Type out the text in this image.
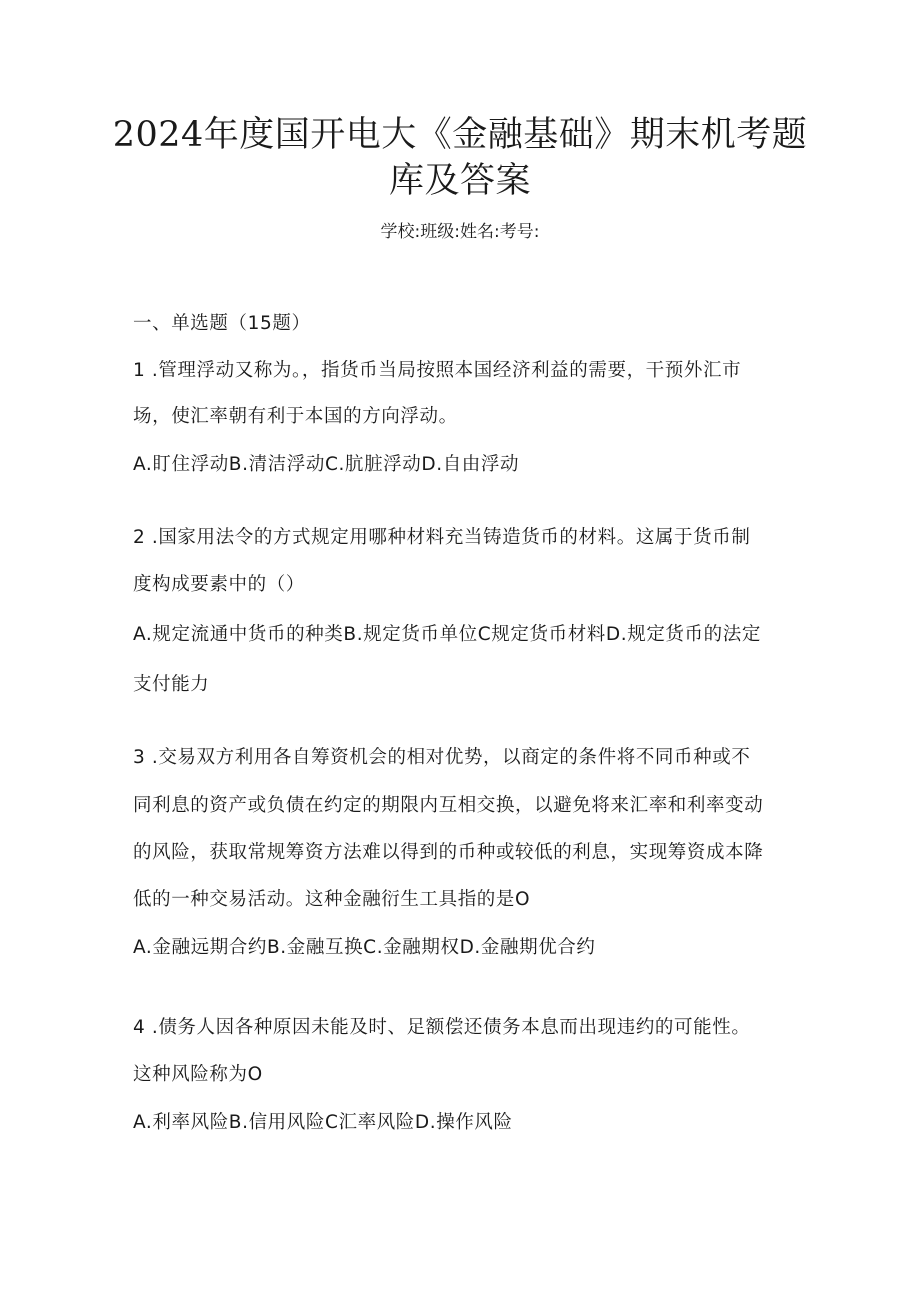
2024年度国开电大《金融基础》期末机考题
库及答案
学校:班级:姓名:考号:
一、单选题（15题）
1 .管理浮动又称为。，指货币当局按照本国经济利益的需要，干预外汇市
场，使汇率朝有利于本国的方向浮动。
A.盯住浮动B.清洁浮动C.肮脏浮动D.自由浮动
2 .国家用法令的方式规定用哪种材料充当铸造货币的材料。这属于货币制
度构成要素中的（）
A.规定流通中货币的种类B.规定货币单位C规定货币材料D.规定货币的法定
支付能力
3 .交易双方利用各自筹资机会的相对优势，以商定的条件将不同币种或不
同利息的资产或负债在约定的期限内互相交换，以避免将来汇率和利率变动
的风险，获取常规筹资方法难以得到的币种或较低的利息，实现筹资成本降
低的一种交易活动。这种金融衍生工具指的是O
A.金融远期合约B.金融互换C.金融期权D.金融期优合约
4 .债务人因各种原因未能及时、足额偿还债务本息而出现违约的可能性。
这种风险称为O
A.利率风险B.信用风险C汇率风险D.操作风险
